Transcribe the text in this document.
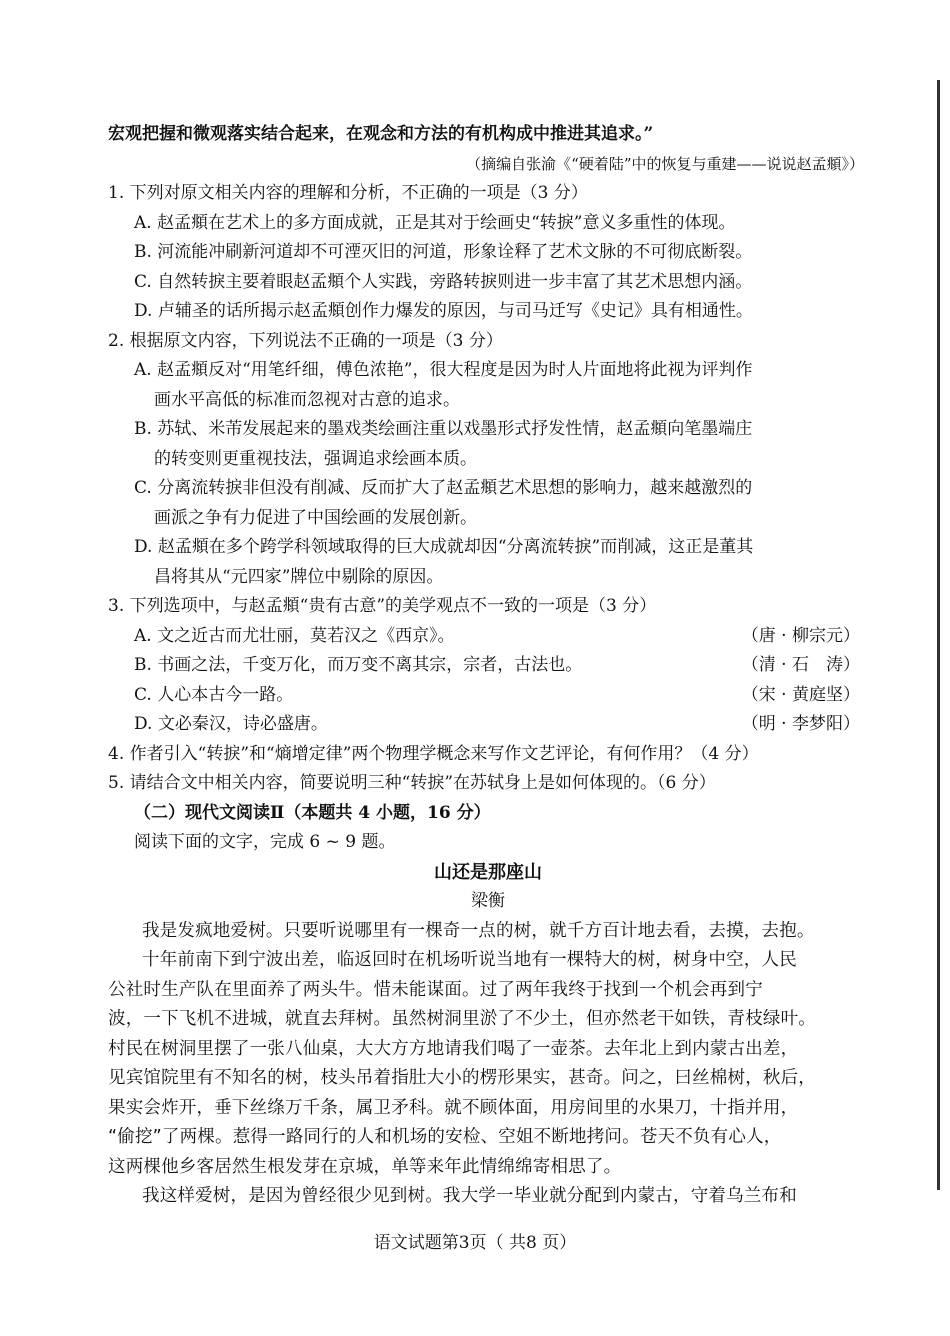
宏观把握和微观落实结合起来，在观念和方法的有机构成中推进其追求。”
（摘编自张渝《“硬着陆”中的恢复与重建——说说赵孟頫》）
1. 下列对原文相关内容的理解和分析，不正确的一项是（3 分）
A. 赵孟頫在艺术上的多方面成就，正是其对于绘画史“转捩”意义多重性的体现。
B. 河流能冲刷新河道却不可湮灭旧的河道，形象诠释了艺术文脉的不可彻底断裂。
C. 自然转捩主要着眼赵孟頫个人实践，旁路转捩则进一步丰富了其艺术思想内涵。
D. 卢辅圣的话所揭示赵孟頫创作力爆发的原因，与司马迁写《史记》具有相通性。
2. 根据原文内容，下列说法不正确的一项是（3 分）
A. 赵孟頫反对“用笔纤细，傅色浓艳”，很大程度是因为时人片面地将此视为评判作
画水平高低的标准而忽视对古意的追求。
B. 苏轼、米芾发展起来的墨戏类绘画注重以戏墨形式抒发性情，赵孟頫向笔墨端庄
的转变则更重视技法，强调追求绘画本质。
C. 分离流转捩非但没有削减、反而扩大了赵孟頫艺术思想的影响力，越来越激烈的
画派之争有力促进了中国绘画的发展创新。
D. 赵孟頫在多个跨学科领域取得的巨大成就却因“分离流转捩”而削减，这正是董其
昌将其从“元四家”牌位中剔除的原因。
3. 下列选项中，与赵孟頫“贵有古意”的美学观点不一致的一项是（3 分）
A. 文之近古而尤壮丽，莫若汉之《西京》。	（唐 · 柳宗元）
B. 书画之法，千变万化，而万变不离其宗，宗者，古法也。	（清 · 石　涛）
C. 人心本古今一路。	（宋 · 黄庭坚）
D. 文必秦汉，诗必盛唐。	（明 · 李梦阳）
4. 作者引入“转捩”和“熵增定律”两个物理学概念来写作文艺评论，有何作用？（4 分）
5. 请结合文中相关内容，简要说明三种“转捩”在苏轼身上是如何体现的。（6 分）
（二）现代文阅读Ⅱ（本题共 4 小题，16 分）
阅读下面的文字，完成 6 ~ 9 题。
山还是那座山
梁衡
我是发疯地爱树。只要听说哪里有一棵奇一点的树，就千方百计地去看，去摸，去抱。
十年前南下到宁波出差，临返回时在机场听说当地有一棵特大的树，树身中空，人民
公社时生产队在里面养了两头牛。惜未能谋面。过了两年我终于找到一个机会再到宁
波，一下飞机不进城，就直去拜树。虽然树洞里淤了不少土，但亦然老干如铁，青枝绿叶。
村民在树洞里摆了一张八仙桌，大大方方地请我们喝了一壶茶。去年北上到内蒙古出差，
见宾馆院里有不知名的树，枝头吊着指肚大小的楞形果实，甚奇。问之，曰丝棉树，秋后，
果实会炸开，垂下丝绦万千条，属卫矛科。就不顾体面，用房间里的水果刀，十指并用，
“偷挖”了两棵。惹得一路同行的人和机场的安检、空姐不断地拷问。苍天不负有心人，
这两棵他乡客居然生根发芽在京城，单等来年此情绵绵寄相思了。
我这样爱树，是因为曾经很少见到树。我大学一毕业就分配到内蒙古，守着乌兰布和
语文试题第3页（ 共8 页）
